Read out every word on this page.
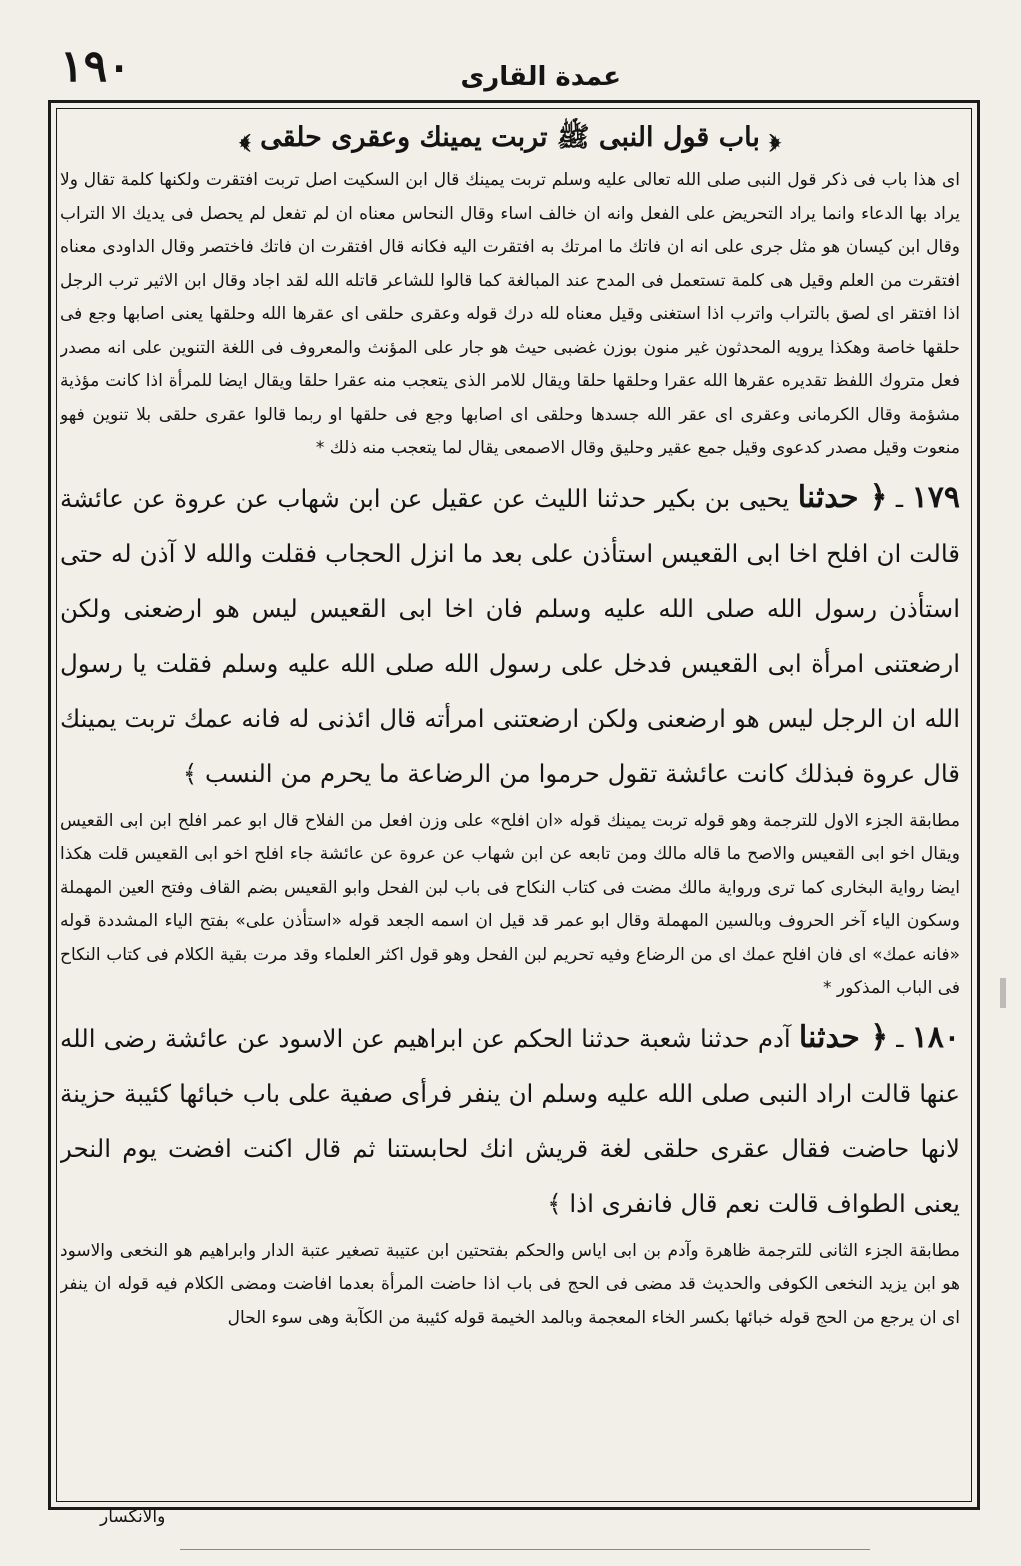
١٩٠	عمدة القارى

﴿ باب قول النبى ﷺ تربت يمينك وعقرى حلقى ﴾

اى هذا باب فى ذكر قول النبى صلى الله تعالى عليه وسلم تربت يمينك قال ابن السكيت اصل تربت افتقرت ولكنها كلمة تقال ولا يراد بها الدعاء وانما يراد التحريض على الفعل وانه ان خالف اساء وقال النحاس معناه ان لم تفعل لم يحصل فى يديك الا التراب وقال ابن كيسان هو مثل جرى على انه ان فاتك ما امرتك به افتقرت اليه فكانه قال افتقرت ان فاتك فاختصر وقال الداودى معناه افتقرت من العلم وقيل هى كلمة تستعمل فى المدح عند المبالغة كما قالوا للشاعر قاتله الله لقد اجاد وقال ابن الاثير ترب الرجل اذا افتقر اى لصق بالتراب واترب اذا استغنى وقيل معناه لله درك قوله وعقرى حلقى اى عقرها الله وحلقها يعنى اصابها وجع فى حلقها خاصة وهكذا يرويه المحدثون غير منون بوزن غضبى حيث هو جار على المؤنث والمعروف فى اللغة التنوين على انه مصدر فعل متروك اللفظ تقديره عقرها الله عقرا وحلقها حلقا ويقال للامر الذى يتعجب منه عقرا حلقا ويقال ايضا للمرأة اذا كانت مؤذية مشؤمة وقال الكرمانى وعقرى اى عقر الله جسدها وحلقى اى اصابها وجع فى حلقها او ربما قالوا عقرى حلقى بلا تنوين فهو منعوت وقيل مصدر كدعوى وقيل جمع عقير وحليق وقال الاصمعى يقال لما يتعجب منه ذلك *

١٧٩ ـ ﴿ حدثنا يحيى بن بكير حدثنا الليث عن عقيل عن ابن شهاب عن عروة عن عائشة قالت ان افلح اخا ابى القعيس استأذن على بعد ما انزل الحجاب فقلت والله لا آذن له حتى استأذن رسول الله صلى الله عليه وسلم فان اخا ابى القعيس ليس هو ارضعنى ولكن ارضعتنى امرأة ابى القعيس فدخل على رسول الله صلى الله عليه وسلم فقلت يا رسول الله ان الرجل ليس هو ارضعنى ولكن ارضعتنى امرأته قال ائذنى له فانه عمك تربت يمينك قال عروة فبذلك كانت عائشة تقول حرموا من الرضاعة ما يحرم من النسب ﴾

مطابقة الجزء الاول للترجمة وهو قوله تربت يمينك قوله «ان افلح» على وزن افعل من الفلاح قال ابو عمر افلح ابن ابى القعيس ويقال اخو ابى القعيس والاصح ما قاله مالك ومن تابعه عن ابن شهاب عن عروة عن عائشة جاء افلح اخو ابى القعيس قلت هكذا ايضا رواية البخارى كما ترى ورواية مالك مضت فى كتاب النكاح فى باب لبن الفحل وابو القعيس بضم القاف وفتح العين المهملة وسكون الياء آخر الحروف وبالسين المهملة وقال ابو عمر قد قيل ان اسمه الجعد قوله «استأذن على» بفتح الياء المشددة قوله «فانه عمك» اى فان افلح عمك اى من الرضاع وفيه تحريم لبن الفحل وهو قول اكثر العلماء وقد مرت بقية الكلام فى كتاب النكاح فى الباب المذكور *

١٨٠ ـ ﴿ حدثنا آدم حدثنا شعبة حدثنا الحكم عن ابراهيم عن الاسود عن عائشة رضى الله عنها قالت اراد النبى صلى الله عليه وسلم ان ينفر فرأى صفية على باب خبائها كئيبة حزينة لانها حاضت فقال عقرى حلقى لغة قريش انك لحابستنا ثم قال اكنت افضت يوم النحر يعنى الطواف قالت نعم قال فانفرى اذا ﴾

مطابقة الجزء الثانى للترجمة ظاهرة وآدم بن ابى اياس والحكم بفتحتين ابن عتيبة تصغير عتبة الدار وابراهيم هو النخعى والاسود هو ابن يزيد النخعى الكوفى والحديث قد مضى فى الحج فى باب اذا حاضت المرأة بعدما افاضت ومضى الكلام فيه قوله ان ينفر اى ان يرجع من الحج قوله خبائها بكسر الخاء المعجمة وبالمد الخيمة قوله كئيبة من الكآبة وهى سوء الحال

والانكسار
